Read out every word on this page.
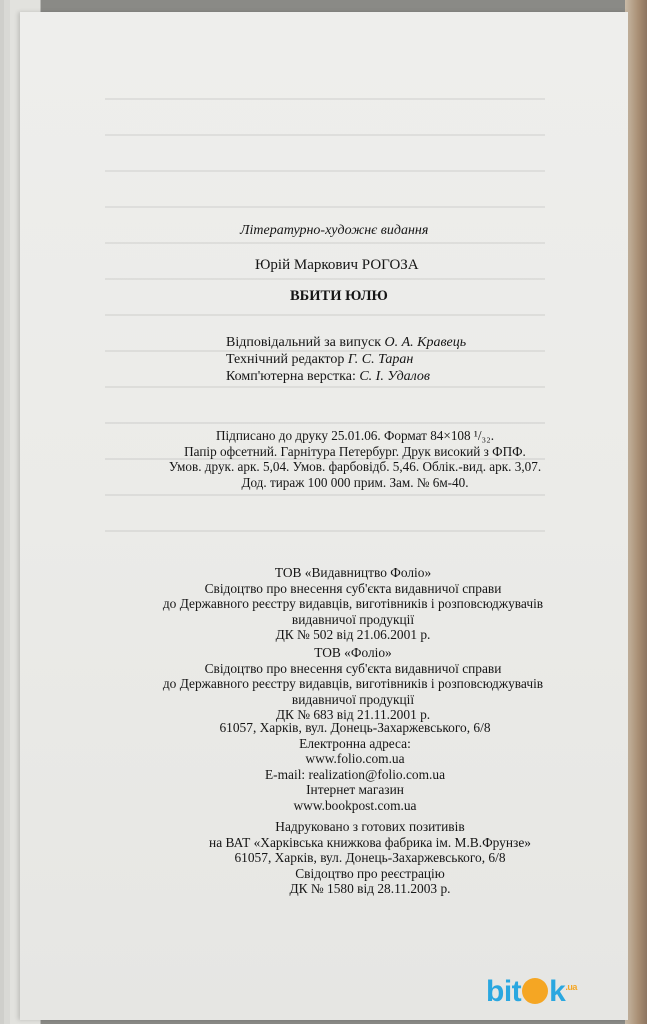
Літературно-художнє видання
Юрій Маркович РОГОЗА
ВБИТИ ЮЛЮ
Відповідальний за випуск О. А. Кравець
Технічний редактор Г. С. Таран
Комп'ютерна верстка: С. І. Удалов
Підписано до друку 25.01.06. Формат 84×108 ¹/₃₂.
Папір офсетний. Гарнітура Петербург. Друк високий з ФПФ.
Умов. друк. арк. 5,04. Умов. фарбовідб. 5,46. Облік.-вид. арк. 3,07.
Дод. тираж 100 000 прим. Зам. № 6м-40.
ТОВ «Видавництво Фоліо»
Свідоцтво про внесення суб'єкта видавничої справи
до Державного реєстру видавців, виготівників і розповсюджувачів
видавничої продукції
ДК № 502 від 21.06.2001 р.
ТОВ «Фоліо»
Свідоцтво про внесення суб'єкта видавничої справи
до Державного реєстру видавців, виготівників і розповсюджувачів
видавничої продукції
ДК № 683 від 21.11.2001 р.
61057, Харків, вул. Донець-Захаржевського, 6/8
Електронна адреса:
www.folio.com.ua
E-mail: realization@folio.com.ua
Інтернет магазин
www.bookpost.com.ua
Надруковано з готових позитивів
на ВАТ «Харківська книжкова фабрика ім. М.В.Фрунзе»
61057, Харків, вул. Донець-Захаржевського, 6/8
Свідоцтво про реєстрацію
ДК № 1580 від 28.11.2003 р.
bit $k^{.ua}$
